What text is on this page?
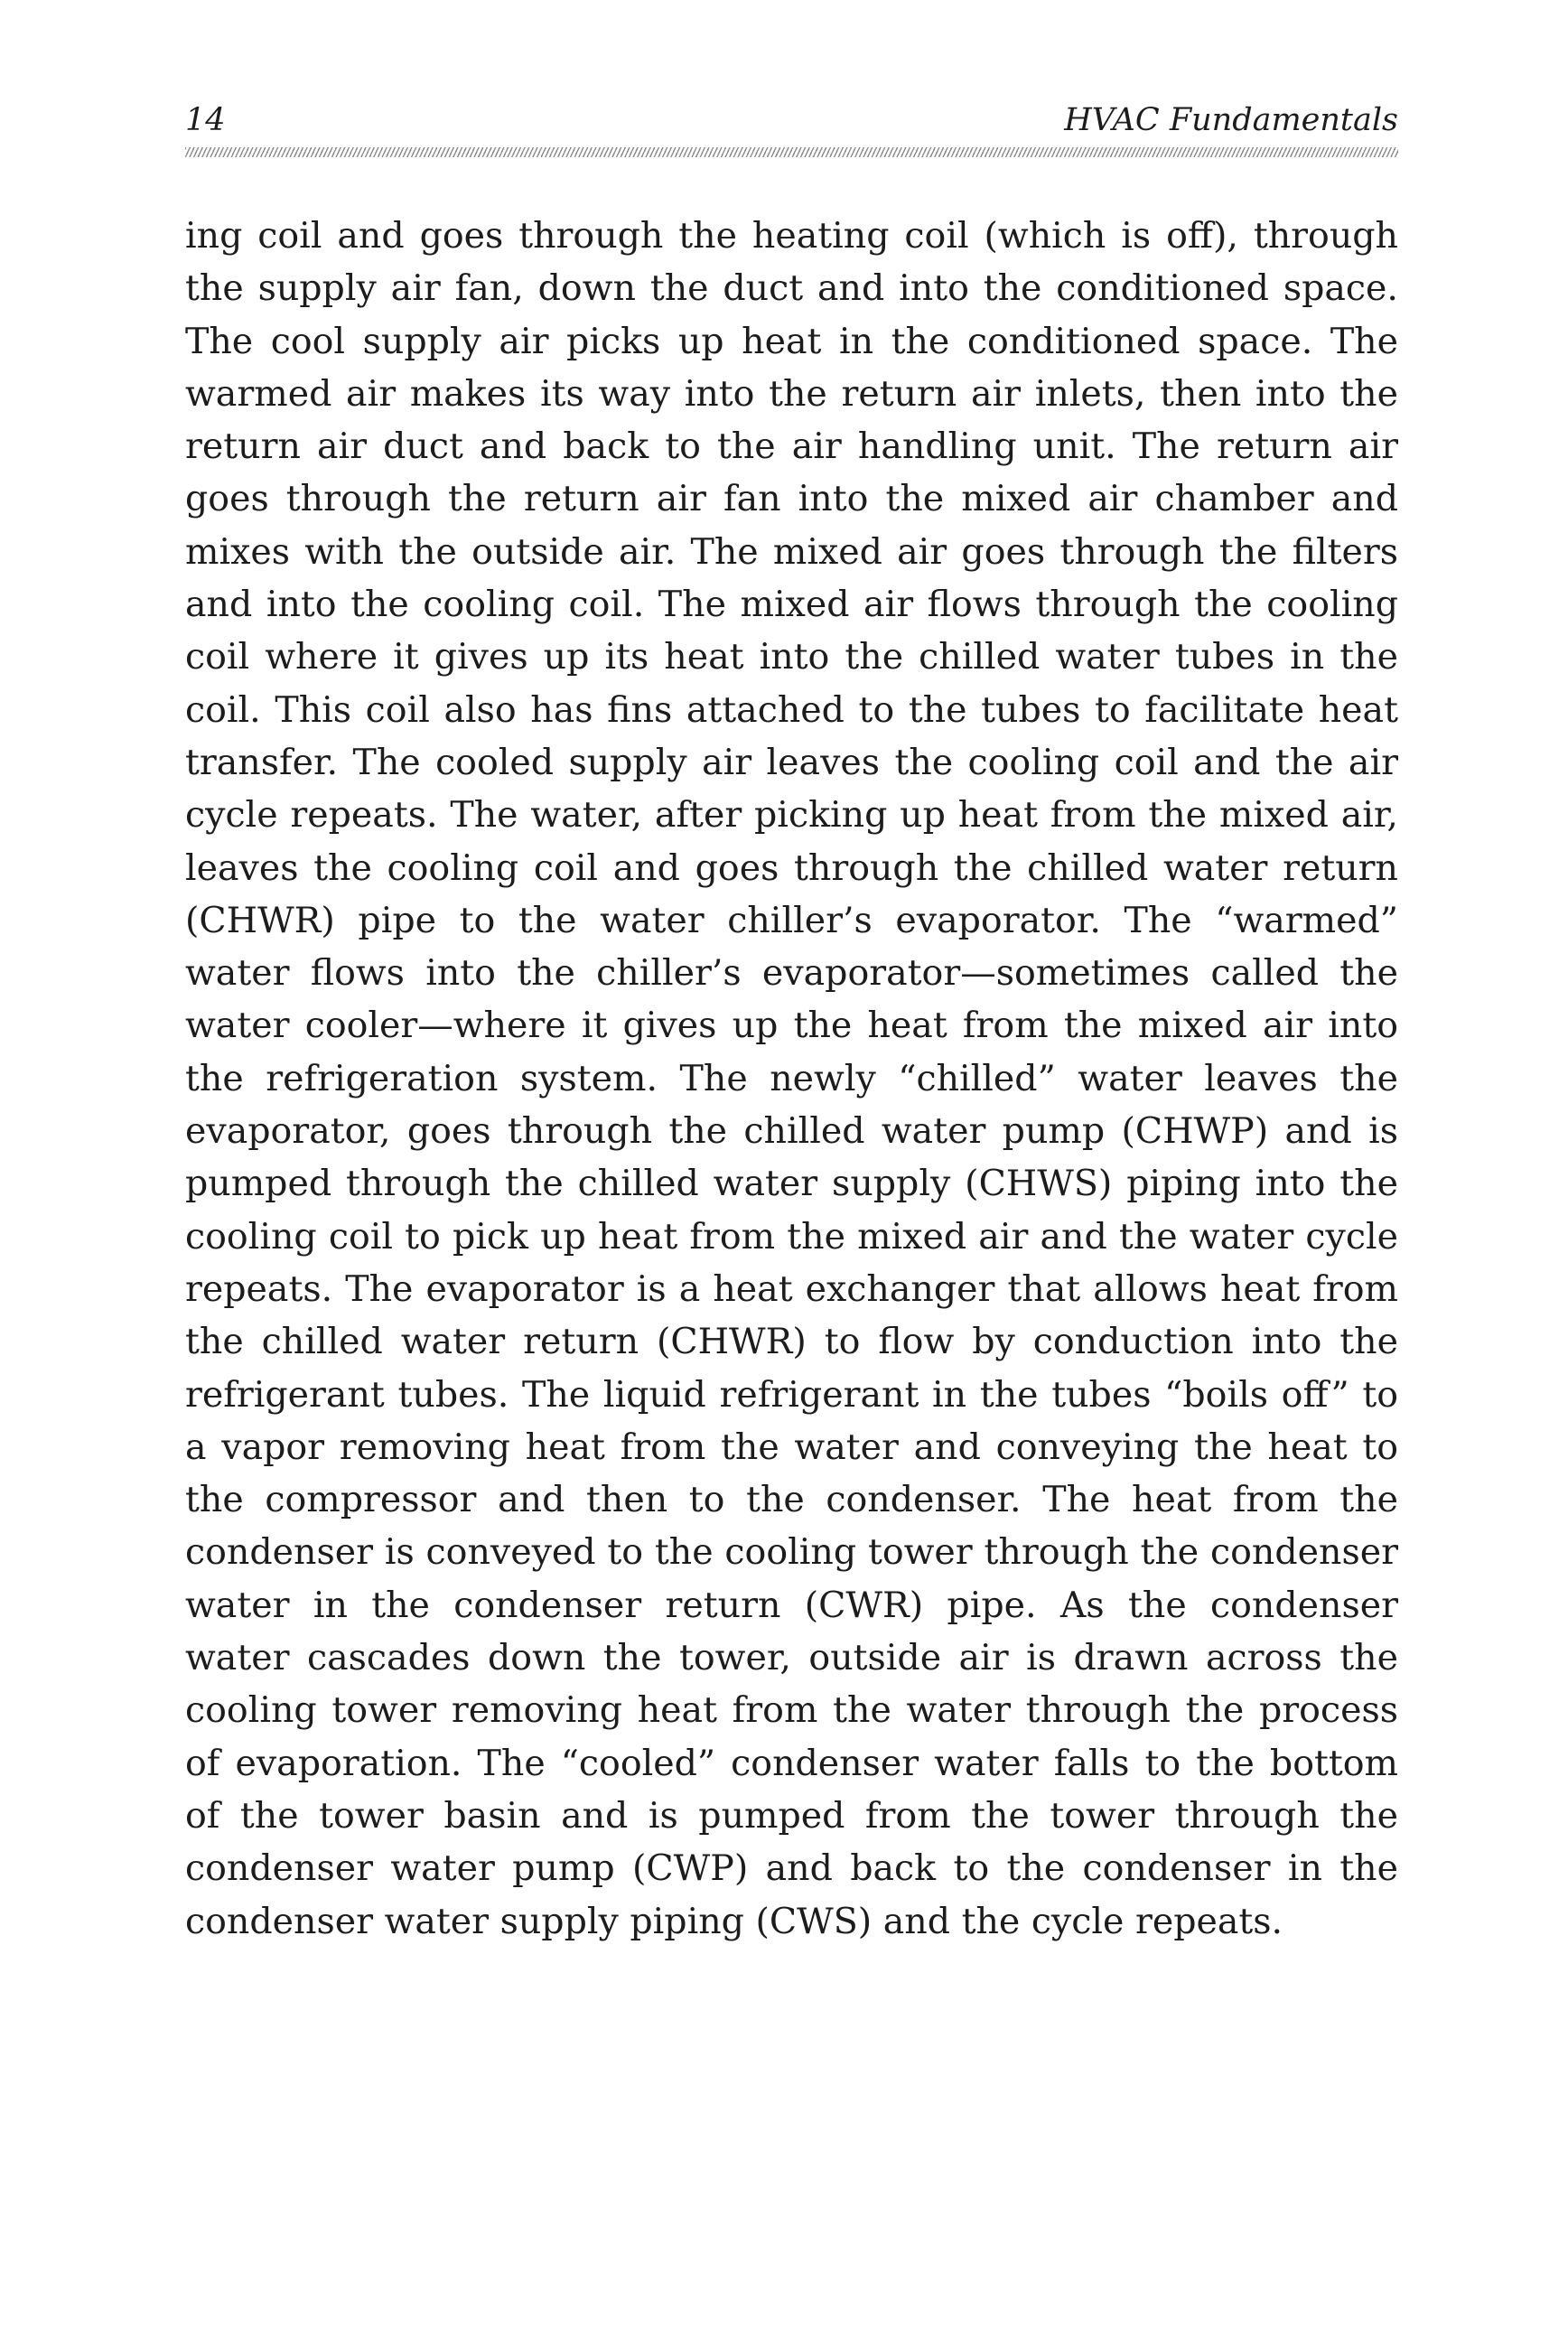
14	HVAC Fundamentals

ing coil and goes through the heating coil (which is off), through the supply air fan, down the duct and into the conditioned space. The cool supply air picks up heat in the conditioned space. The warmed air makes its way into the return air inlets, then into the return air duct and back to the air handling unit. The return air goes through the return air fan into the mixed air chamber and mixes with the outside air. The mixed air goes through the filters and into the cooling coil. The mixed air flows through the cooling coil where it gives up its heat into the chilled water tubes in the coil. This coil also has fins attached to the tubes to facilitate heat transfer. The cooled supply air leaves the cooling coil and the air cycle repeats. The water, after picking up heat from the mixed air, leaves the cooling coil and goes through the chilled water return (CHWR) pipe to the water chiller’s evaporator. The “warmed” water flows into the chiller’s evaporator—sometimes called the water cooler—where it gives up the heat from the mixed air into the refrigeration system. The newly “chilled” water leaves the evaporator, goes through the chilled water pump (CHWP) and is pumped through the chilled water supply (CHWS) piping into the cooling coil to pick up heat from the mixed air and the water cycle repeats. The evaporator is a heat exchanger that allows heat from the chilled water return (CHWR) to flow by conduction into the refrigerant tubes. The liquid refrigerant in the tubes “boils off” to a vapor removing heat from the water and conveying the heat to the compressor and then to the condenser. The heat from the condenser is conveyed to the cooling tower through the condenser water in the condenser return (CWR) pipe. As the condenser water cascades down the tower, outside air is drawn across the cooling tower removing heat from the water through the process of evaporation. The “cooled” condenser water falls to the bottom of the tower basin and is pumped from the tower through the condenser water pump (CWP) and back to the condenser in the condenser water supply piping (CWS) and the cycle repeats.
